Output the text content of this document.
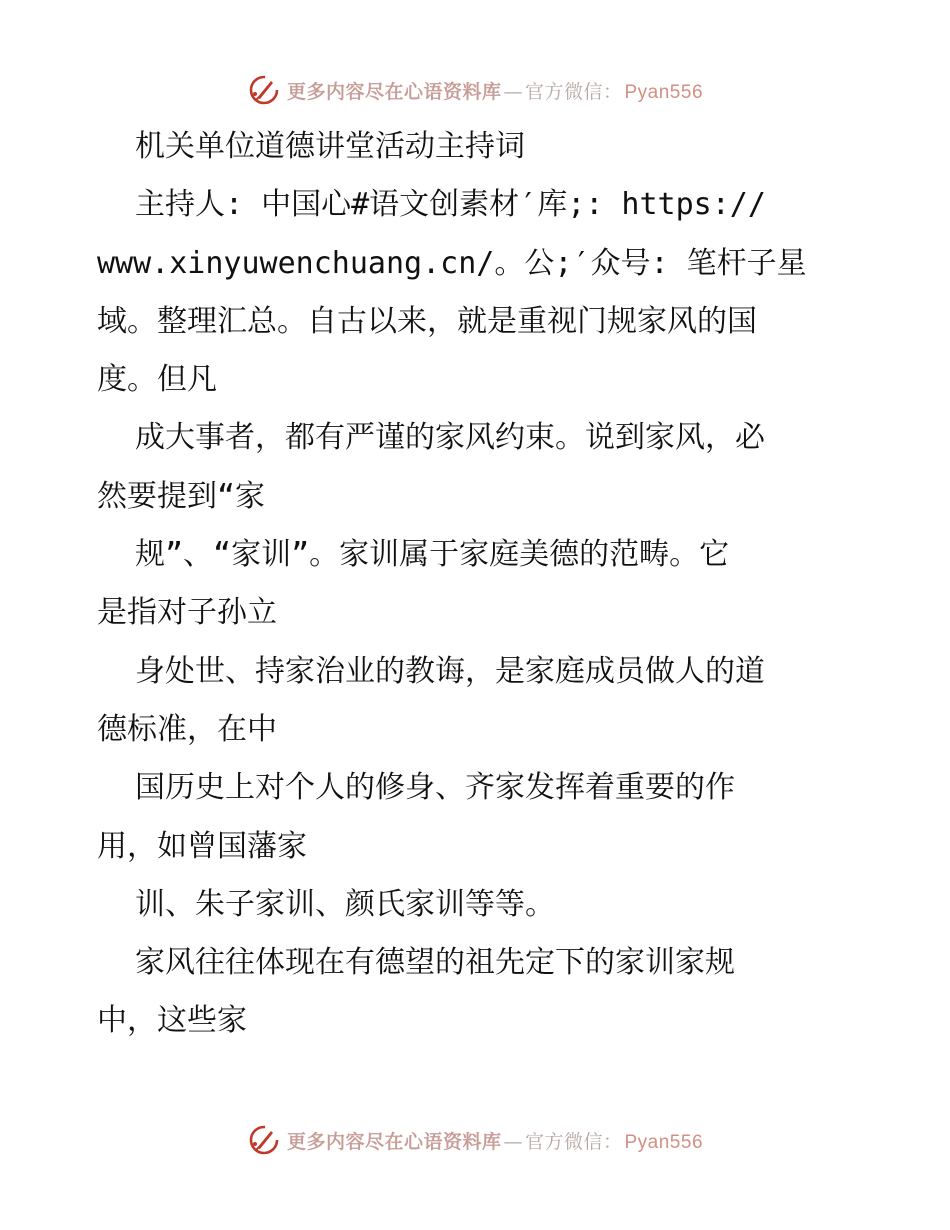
更多内容尽在心语资料库 — 官方微信： Pyan556
机关单位道德讲堂活动主持词
主持人: 中国心#语文创素材′库;: https://
www.xinyuwenchuang.cn/。公;′众号: 笔杆子星
域。整理汇总。自古以来，就是重视门规家风的国
度。但凡
成大事者，都有严谨的家风约束。说到家风，必
然要提到“家
规”、“家训”。家训属于家庭美德的范畴。它
是指对子孙立
身处世、持家治业的教诲，是家庭成员做人的道
德标准，在中
国历史上对个人的修身、齐家发挥着重要的作
用，如曾国藩家
训、朱子家训、颜氏家训等等。
家风往往体现在有德望的祖先定下的家训家规
中，这些家
更多内容尽在心语资料库 — 官方微信： Pyan556
